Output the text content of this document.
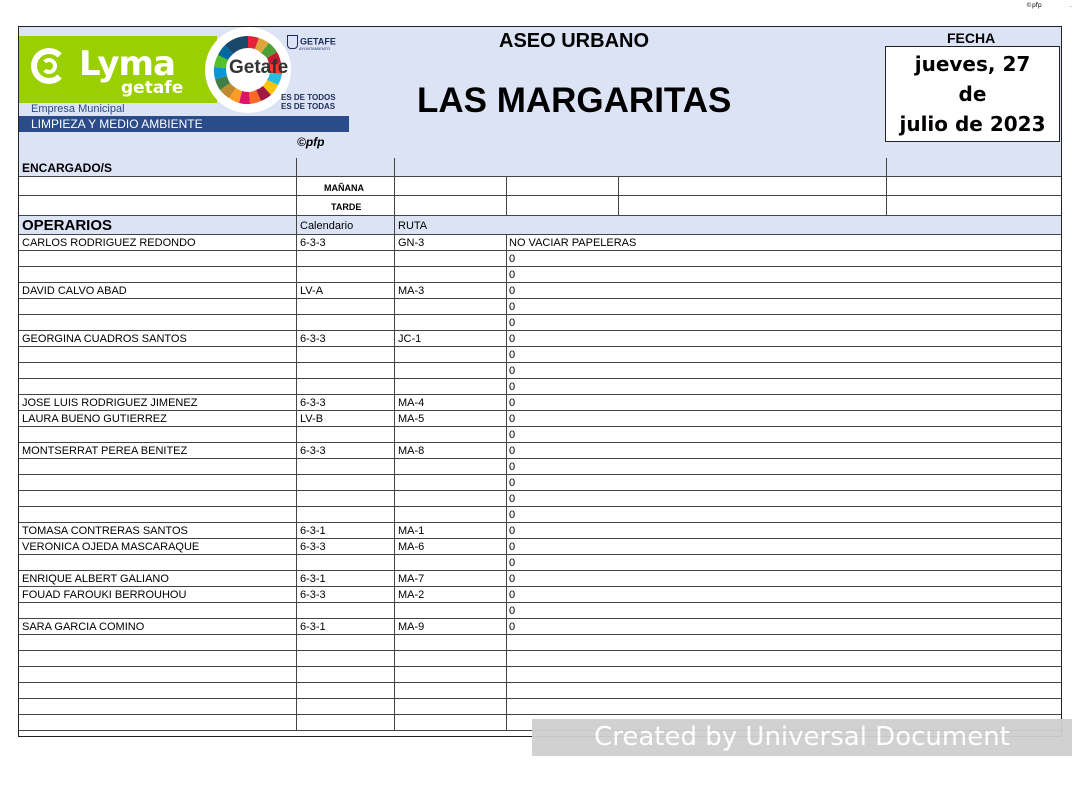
©pfp	.
Lyma
getafe
Empresa Municipal
LIMPIEZA Y MEDIO AMBIENTE
Getafe
GETAFE
AYUNTAMIENTO
ES DE TODOS
ES DE TODAS
©pfp
ASEO URBANO
LAS MARGARITAS
FECHA
jueves, 27 de
julio de 2023
ENCARGADO/S
MAÑANA
TARDE
OPERARIOS	Calendario	RUTA
CARLOS RODRIGUEZ REDONDO	6-3-3	GN-3	NO VACIAR PAPELERAS
0
0
DAVID CALVO ABAD	LV-A	MA-3	0
0
0
GEORGINA CUADROS SANTOS	6-3-3	JC-1	0
0
0
0
JOSE LUIS RODRIGUEZ JIMENEZ	6-3-3	MA-4	0
LAURA BUENO GUTIERREZ	LV-B	MA-5	0
0
MONTSERRAT PEREA BENITEZ	6-3-3	MA-8	0
0
0
0
0
TOMASA CONTRERAS SANTOS	6-3-1	MA-1	0
VERONICA OJEDA MASCARAQUE	6-3-3	MA-6	0
0
ENRIQUE ALBERT GALIANO	6-3-1	MA-7	0
FOUAD FAROUKI BERROUHOU	6-3-3	MA-2	0
0
SARA GARCIA COMINO	6-3-1	MA-9	0
Created by Universal Document Converter
